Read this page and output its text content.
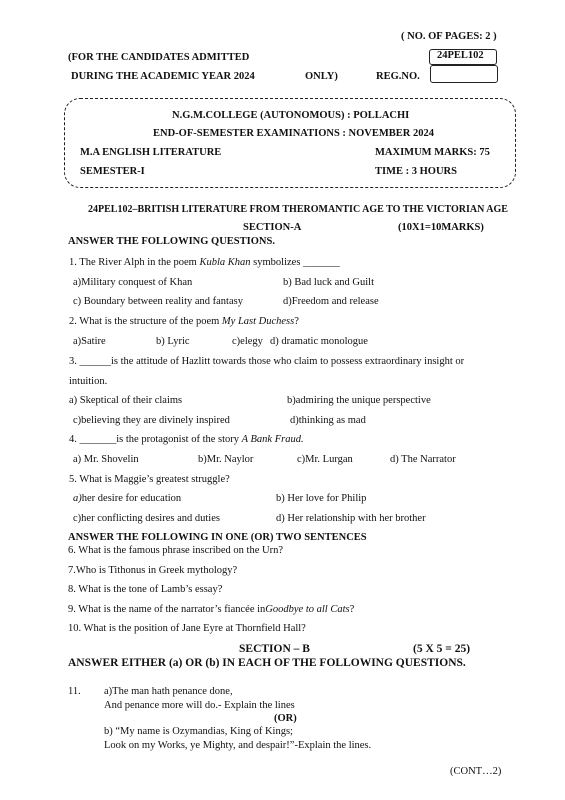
( NO. OF PAGES: 2 )
(FOR THE CANDIDATES ADMITTED	24PEL102
DURING THE ACADEMIC YEAR 2024	ONLY)	REG.NO.
N.G.M.COLLEGE (AUTONOMOUS) : POLLACHI
END-OF-SEMESTER EXAMINATIONS : NOVEMBER 2024
M.A ENGLISH LITERATURE	MAXIMUM MARKS: 75
SEMESTER-I	TIME : 3 HOURS
24PEL102–BRITISH LITERATURE FROM THEROMANTIC AGE TO THE VICTORIAN AGE
SECTION-A	(10X1=10MARKS)
ANSWER THE FOLLOWING QUESTIONS.
1. The River Alph in the poem Kubla Khan symbolizes _______
a)Military conquest of Khan	b) Bad luck and Guilt
c) Boundary between reality and fantasy	d)Freedom and release
2. What is the structure of the poem My Last Duchess?
a)Satire	b) Lyric	c)elegy d) dramatic monologue
3. ______is the attitude of Hazlitt towards those who claim to possess extraordinary insight or
intuition.
a) Skeptical of their claims	b)admiring the unique perspective
c)believing they are divinely inspired	d)thinking as mad
4. _______is the protagonist of the story A Bank Fraud.
a) Mr. Shovelin	b)Mr. Naylor	c)Mr. Lurgan	d) The Narrator
5. What is Maggie’s greatest struggle?
a)her desire for education	b) Her love for Philip
c)her conflicting desires and duties	d) Her relationship with her brother
ANSWER THE FOLLOWING IN ONE (OR) TWO SENTENCES
6. What is the famous phrase inscribed on the Urn?
7.Who is Tithonus in Greek mythology?
8. What is the tone of Lamb’s essay?
9. What is the name of the narrator’s fiancée inGoodbye to all Cats?
10. What is the position of Jane Eyre at Thornfield Hall?
SECTION – B	(5 X 5 = 25)
ANSWER EITHER (a) OR (b) IN EACH OF THE FOLLOWING QUESTIONS.
11. a)The man hath penance done,
And penance more will do.- Explain the lines
(OR)
b) “My name is Ozymandias, King of Kings;
Look on my Works, ye Mighty, and despair!”-Explain the lines.
(CONT…2)
